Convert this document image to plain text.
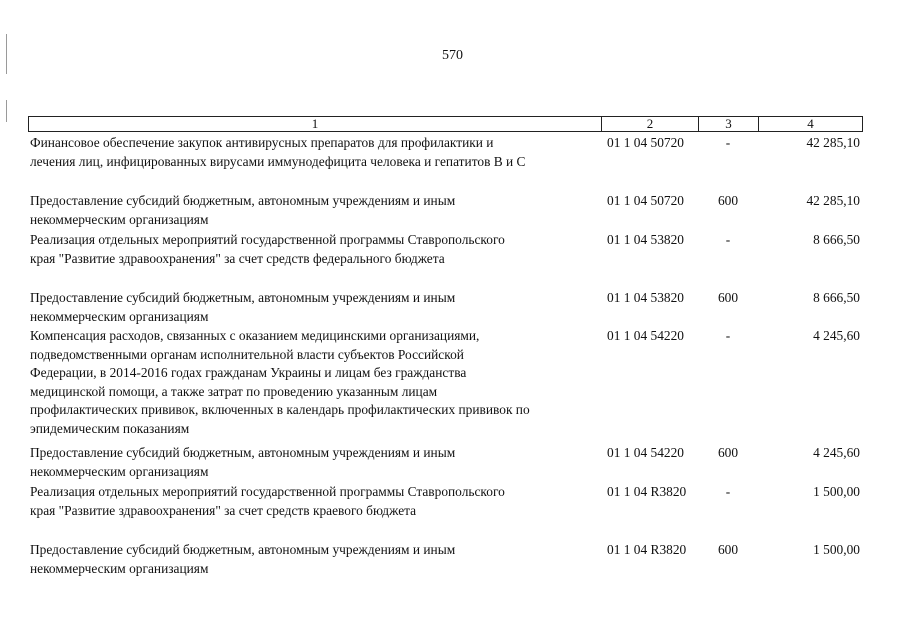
570
1	2	3	4
Финансовое обеспечение закупок антивирусных препаратов для профилактики и
лечения лиц, инфицированных вирусами иммунодефицита человека и гепатитов В и С
01 1 04 50720	-	42 285,10
Предоставление субсидий бюджетным, автономным учреждениям и иным
некоммерческим организациям
01 1 04 50720	600	42 285,10
Реализация отдельных мероприятий государственной программы Ставропольского
края "Развитие здравоохранения" за счет средств федерального бюджета
01 1 04 53820	-	8 666,50
Предоставление субсидий бюджетным, автономным учреждениям и иным
некоммерческим организациям
01 1 04 53820	600	8 666,50
Компенсация расходов, связанных с оказанием медицинскими организациями,
подведомственными органам исполнительной власти субъектов Российской
Федерации, в 2014-2016 годах гражданам Украины и лицам без гражданства
медицинской помощи, а также затрат по проведению указанным лицам
профилактических прививок, включенных в календарь профилактических прививок по
эпидемическим показаниям
01 1 04 54220	-	4 245,60
Предоставление субсидий бюджетным, автономным учреждениям и иным
некоммерческим организациям
01 1 04 54220	600	4 245,60
Реализация отдельных мероприятий государственной программы Ставропольского
края "Развитие здравоохранения" за счет средств краевого бюджета
01 1 04 R3820	-	1 500,00
Предоставление субсидий бюджетным, автономным учреждениям и иным
некоммерческим организациям
01 1 04 R3820	600	1 500,00
